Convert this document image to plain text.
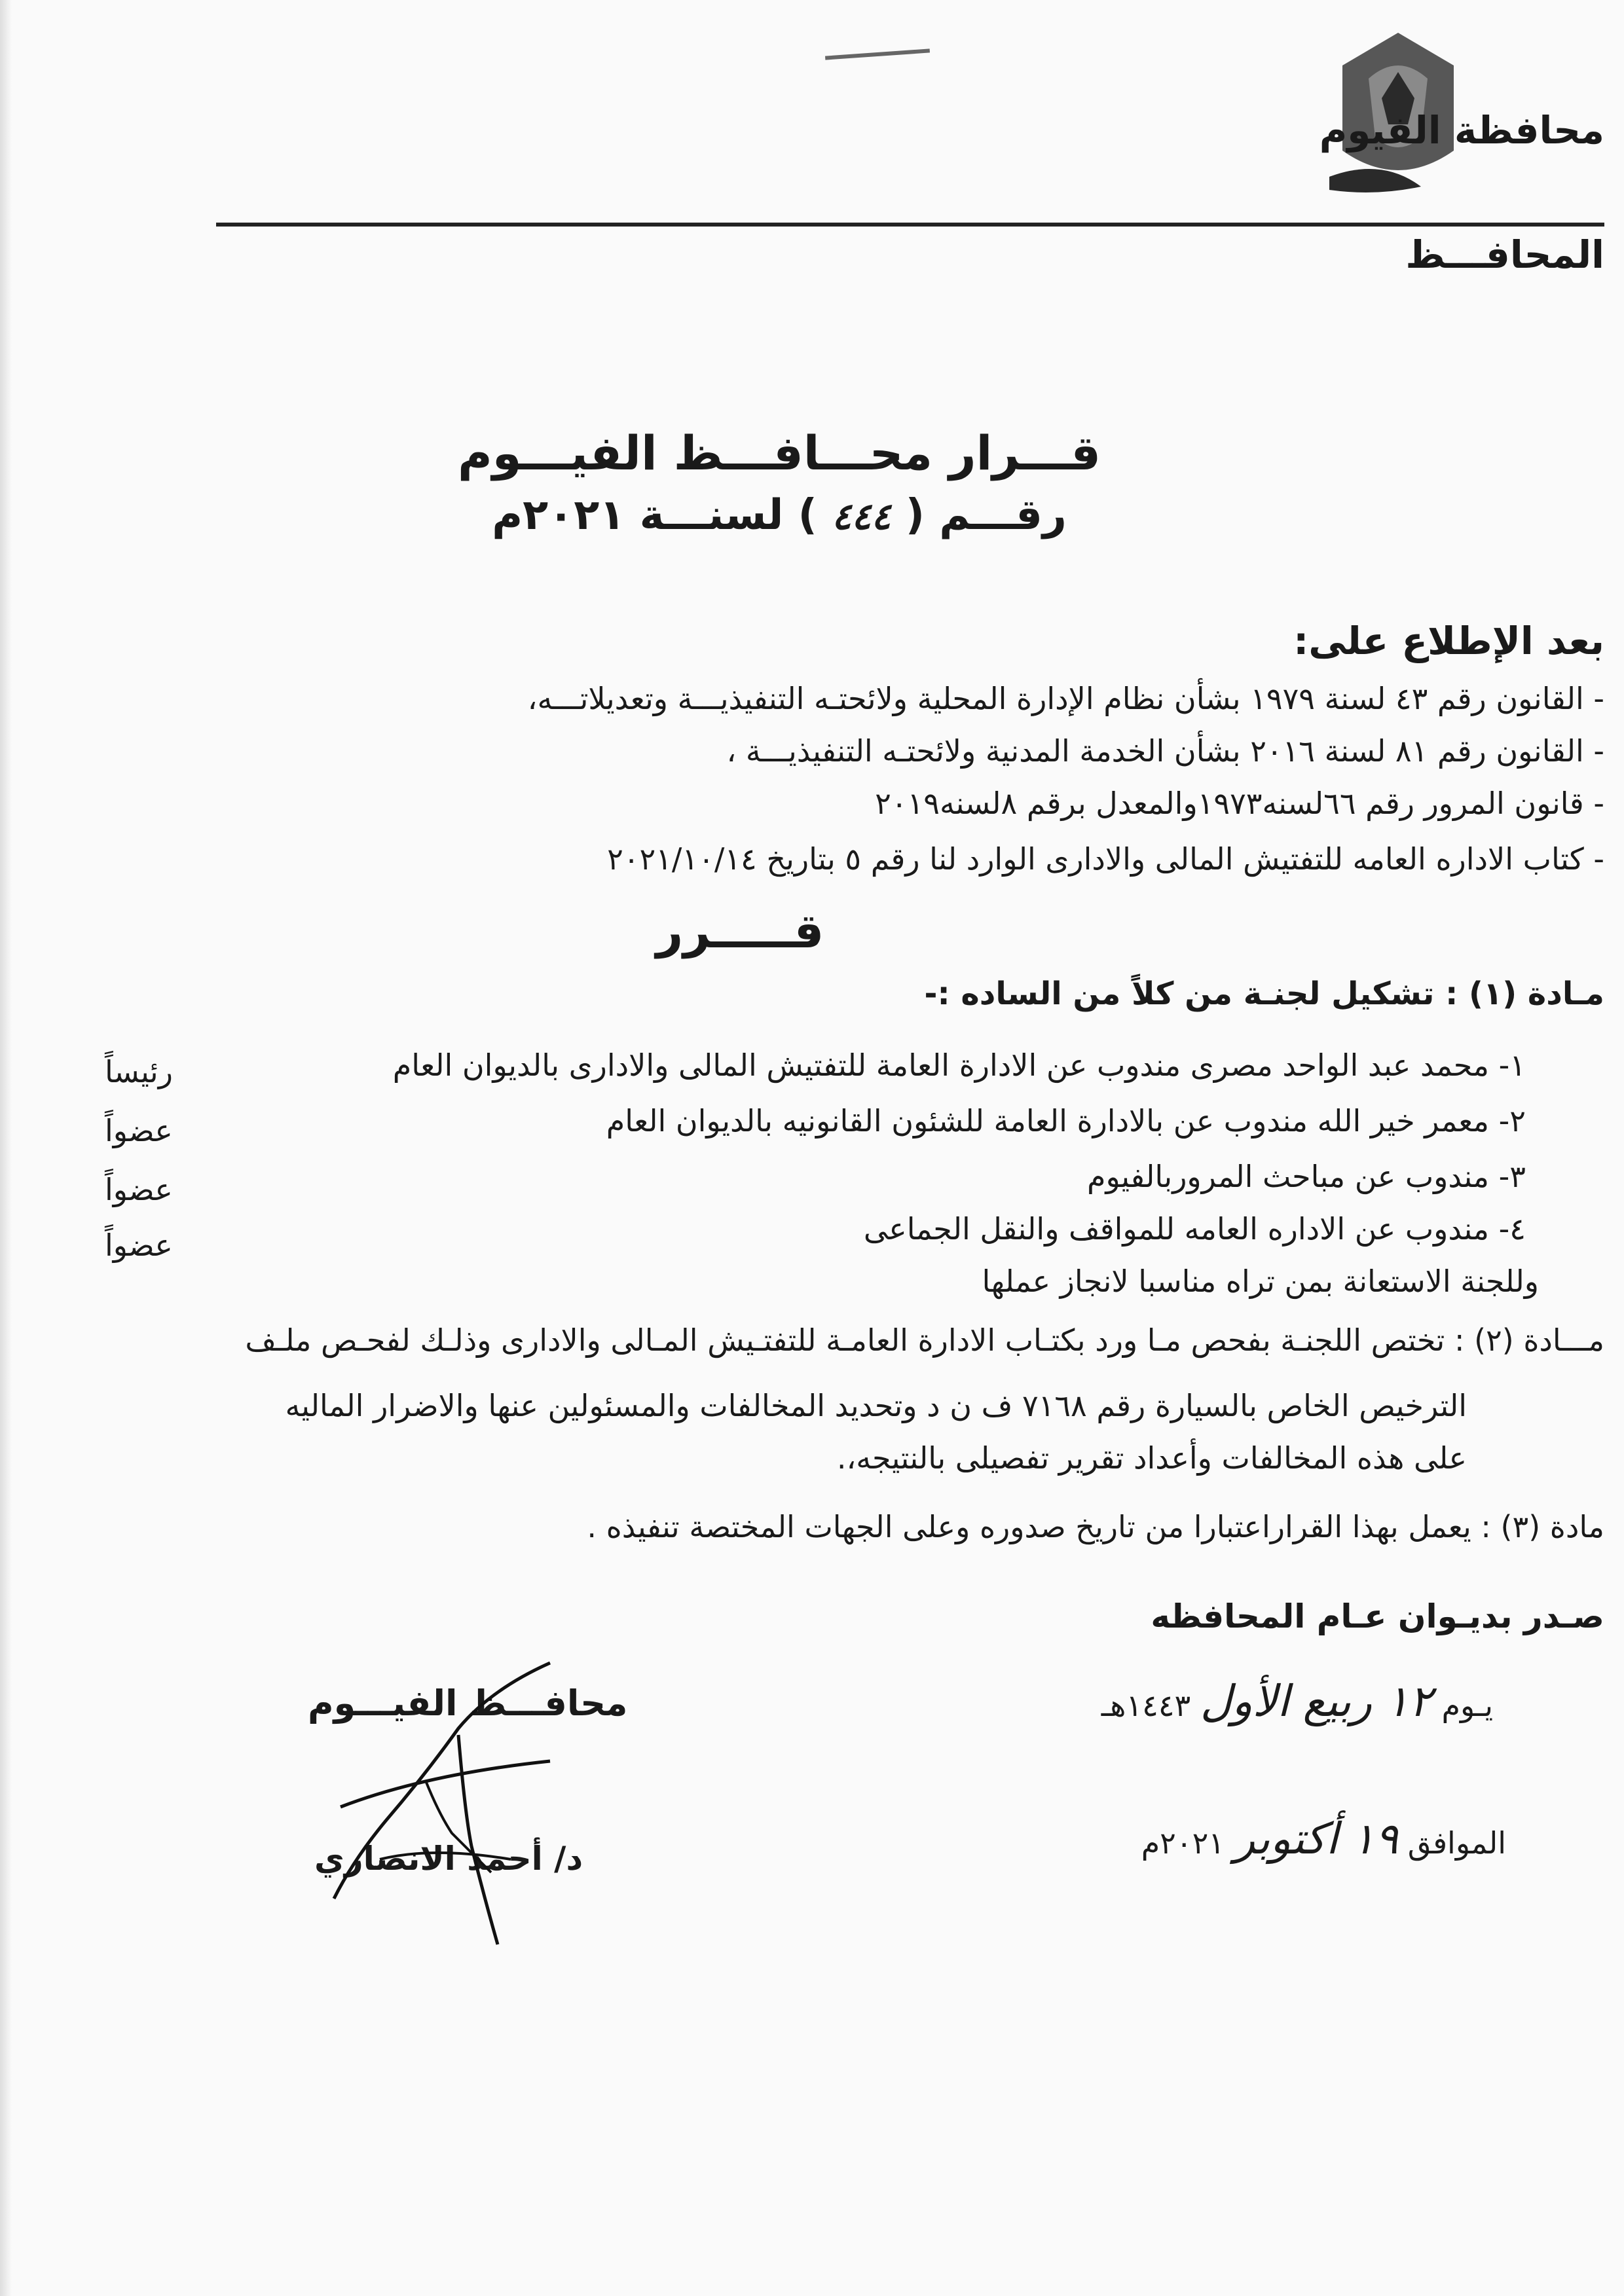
محافظة الفيوم
المحافـــظ
قـــرار محـــافـــظ الفيـــوم
رقـــم ( ٤٤٤ ) لسنـــة ٢٠٢١م
بعد الإطلاع على:
- القانون رقم ٤٣ لسنة ١٩٧٩ بشأن نظام الإدارة المحلية ولائحتـه التنفيذيـــة وتعديلاتـــه،
- القانون رقم ٨١ لسنة ٢٠١٦ بشأن الخدمة المدنية ولائحتـه التنفيذيـــة ،
- قانون المرور رقم ٦٦لسنه١٩٧٣والمعدل برقم ٨لسنه٢٠١٩
- كتاب الاداره العامه للتفتيش المالى والادارى الوارد لنا رقم ٥ بتاريخ ٢٠٢١/١٠/١٤
قـــــرر
مـادة (١) : تشكيل لجنـة من كلاً من الساده :-
١- محمد عبد الواحد مصرى مندوب عن الادارة العامة للتفتيش المالى والادارى بالديوان العام
رئيساً
٢- معمر خير الله مندوب عن بالادارة العامة للشئون القانونيه بالديوان العام
عضواً
٣- مندوب عن مباحث المروربالفيوم
عضواً
٤- مندوب عن الاداره العامه للمواقف والنقل الجماعى
عضواً
وللجنة الاستعانة بمن تراه مناسبا لانجاز عملها
مـــادة (٢) : تختص اللجنـة بفحص مـا ورد بكتـاب الادارة العامـة للتفتـيش المـالى والادارى وذلـك لفحـص ملـف
الترخيص الخاص بالسيارة رقم ٧١٦٨ ف ن د وتحديد المخالفات والمسئولين عنها والاضرار الماليه
على هذه المخالفات وأعداد تقرير تفصيلى بالنتيجه،.
مادة (٣) : يعمل بهذا القراراعتبارا من تاريخ صدوره وعلى الجهات المختصة تنفيذه .
صـدر بديـوان عـام المحافظه
يـوم ١٢ ربيع الأول ١٤٤٣هـ
الموافق ١٩ أكتوبر ٢٠٢١م
محافـــظ الفيـــوم
د/ أحمد الانصاري
